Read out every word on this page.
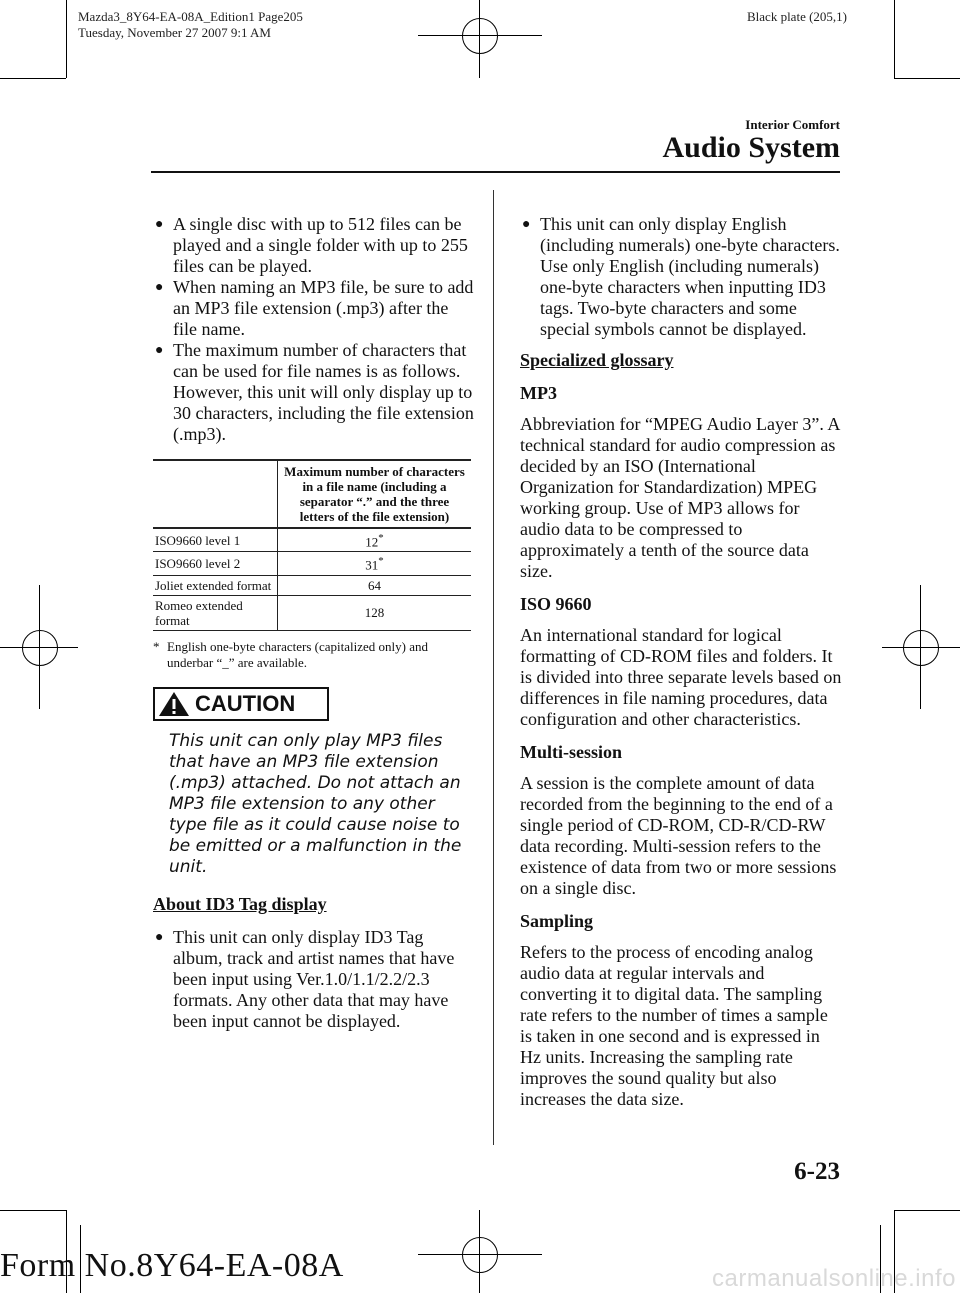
Mazda3_8Y64-EA-08A_Edition1 Page205
Tuesday, November 27 2007 9:1 AM
Black plate (205,1)
Interior Comfort
Audio System
● A single disc with up to 512 files can be played and a single folder with up to 255 files can be played.
● When naming an MP3 file, be sure to add an MP3 file extension (.mp3) after the file name.
● The maximum number of characters that can be used for file names is as follows. However, this unit will only display up to 30 characters, including the file extension (.mp3).
	Maximum number of characters in a file name (including a separator “.” and the three letters of the file extension)
ISO9660 level 1	12*
ISO9660 level 2	31*
Joliet extended format	64
Romeo extended format	128
* English one-byte characters (capitalized only) and underbar “_” are available.
CAUTION
This unit can only play MP3 files that have an MP3 file extension (.mp3) attached. Do not attach an MP3 file extension to any other type file as it could cause noise to be emitted or a malfunction in the unit.
About ID3 Tag display
● This unit can only display ID3 Tag album, track and artist names that have been input using Ver.1.0/1.1/2.2/2.3 formats. Any other data that may have been input cannot be displayed.
● This unit can only display English (including numerals) one-byte characters. Use only English (including numerals) one-byte characters when inputting ID3 tags. Two-byte characters and some special symbols cannot be displayed.
Specialized glossary
MP3
Abbreviation for “MPEG Audio Layer 3”. A technical standard for audio compression as decided by an ISO (International Organization for Standardization) MPEG working group. Use of MP3 allows for audio data to be compressed to approximately a tenth of the source data size.
ISO 9660
An international standard for logical formatting of CD-ROM files and folders. It is divided into three separate levels based on differences in file naming procedures, data configuration and other characteristics.
Multi-session
A session is the complete amount of data recorded from the beginning to the end of a single period of CD-ROM, CD-R/CD-RW data recording. Multi-session refers to the existence of data from two or more sessions on a single disc.
Sampling
Refers to the process of encoding analog audio data at regular intervals and converting it to digital data. The sampling rate refers to the number of times a sample is taken in one second and is expressed in Hz units. Increasing the sampling rate improves the sound quality but also increases the data size.
6-23
Form No.8Y64-EA-08A	carmanualsonline.info
